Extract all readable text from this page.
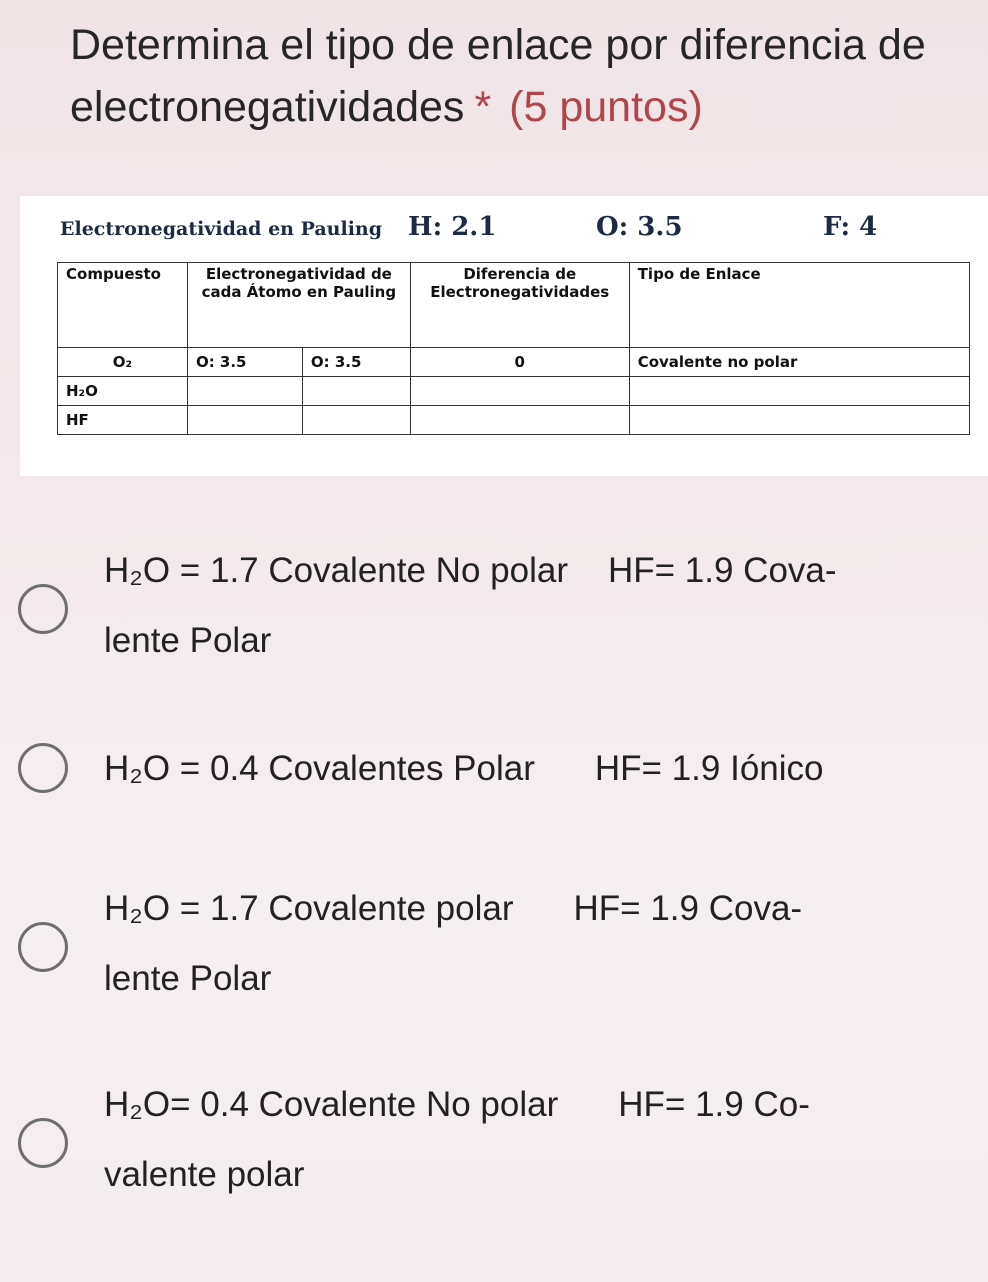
Determina el tipo de enlace por diferencia de electronegatividades * (5 puntos)
Electronegatividad en Pauling H: 2.1	O: 3.5	F: 4
Compuesto	Electronegatividad de cada Átomo en Pauling		Diferencia de Electronegatividades	Tipo de Enlace
O₂	O: 3.5	O: 3.5	0	Covalente no polar
H₂O				
HF				
H₂O = 1.7 Covalente No polar HF= 1.9 Cova-
lente Polar
H₂O = 0.4 Covalentes Polar HF= 1.9 Iónico
H₂O = 1.7 Covalente polar HF= 1.9 Cova-
lente Polar
H₂O= 0.4 Covalente No polar HF= 1.9 Co-
valente polar
